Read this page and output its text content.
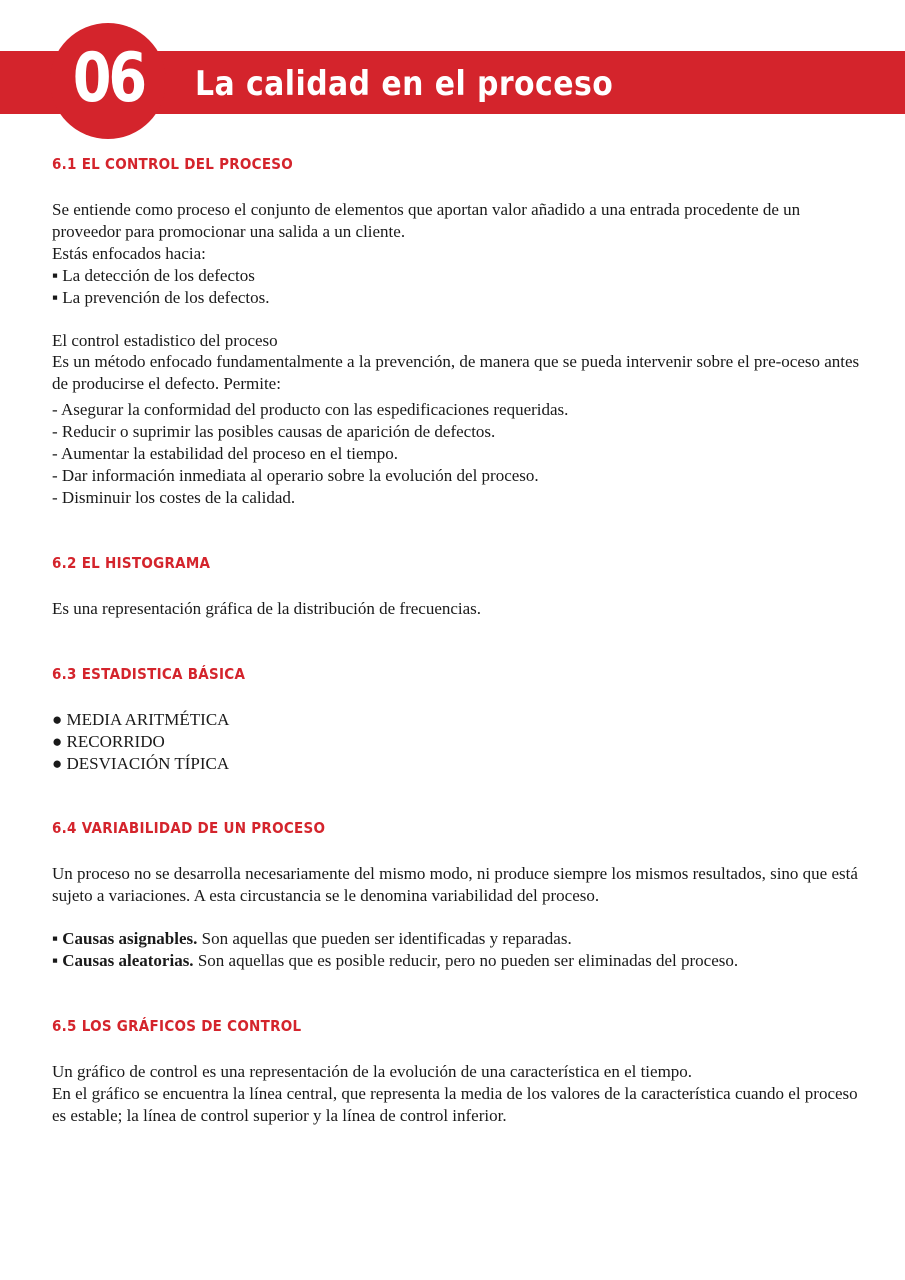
06 La calidad en el proceso
6.1 EL CONTROL DEL PROCESO

Se entiende como proceso el conjunto de elementos que aportan valor añadido a una entrada procedente de un proveedor para promocionar una salida a un cliente.

Estás enfocados hacia:

▪ La detección de los defectos

▪ La prevención de los defectos.

El control estadistico del proceso

Es un método enfocado fundamentalmente a la prevención, de manera que se pueda intervenir sobre el pre-oceso antes de producirse el defecto. Permite:

- Asegurar la conformidad del producto con las espedificaciones requeridas.

- Reducir o suprimir las posibles causas de aparición de defectos.

- Aumentar la estabilidad del proceso en el tiempo.

- Dar información inmediata al operario sobre la evolución del proceso.

- Disminuir los costes de la calidad.

6.2 EL HISTOGRAMA

Es una representación gráfica de la distribución de frecuencias.

6.3 ESTADISTICA BÁSICA

● MEDIA ARITMÉTICA

● RECORRIDO

● DESVIACIÓN TÍPICA

6.4 VARIABILIDAD DE UN PROCESO

Un proceso no se desarrolla necesariamente del mismo modo, ni produce siempre los mismos resultados, sino que está sujeto a variaciones. A esta circustancia se le denomina variabilidad del proceso.

▪ Causas asignables. Son aquellas que pueden ser identificadas y reparadas.

▪ Causas aleatorias. Son aquellas que es posible reducir, pero no pueden ser eliminadas del proceso.

6.5 LOS GRÁFICOS DE CONTROL

Un gráfico de control es una representación de la evolución de una característica en el tiempo.

En el gráfico se encuentra la línea central, que representa la media de los valores de la característica cuando el proceso es estable; la línea de control superior y la línea de control inferior.
